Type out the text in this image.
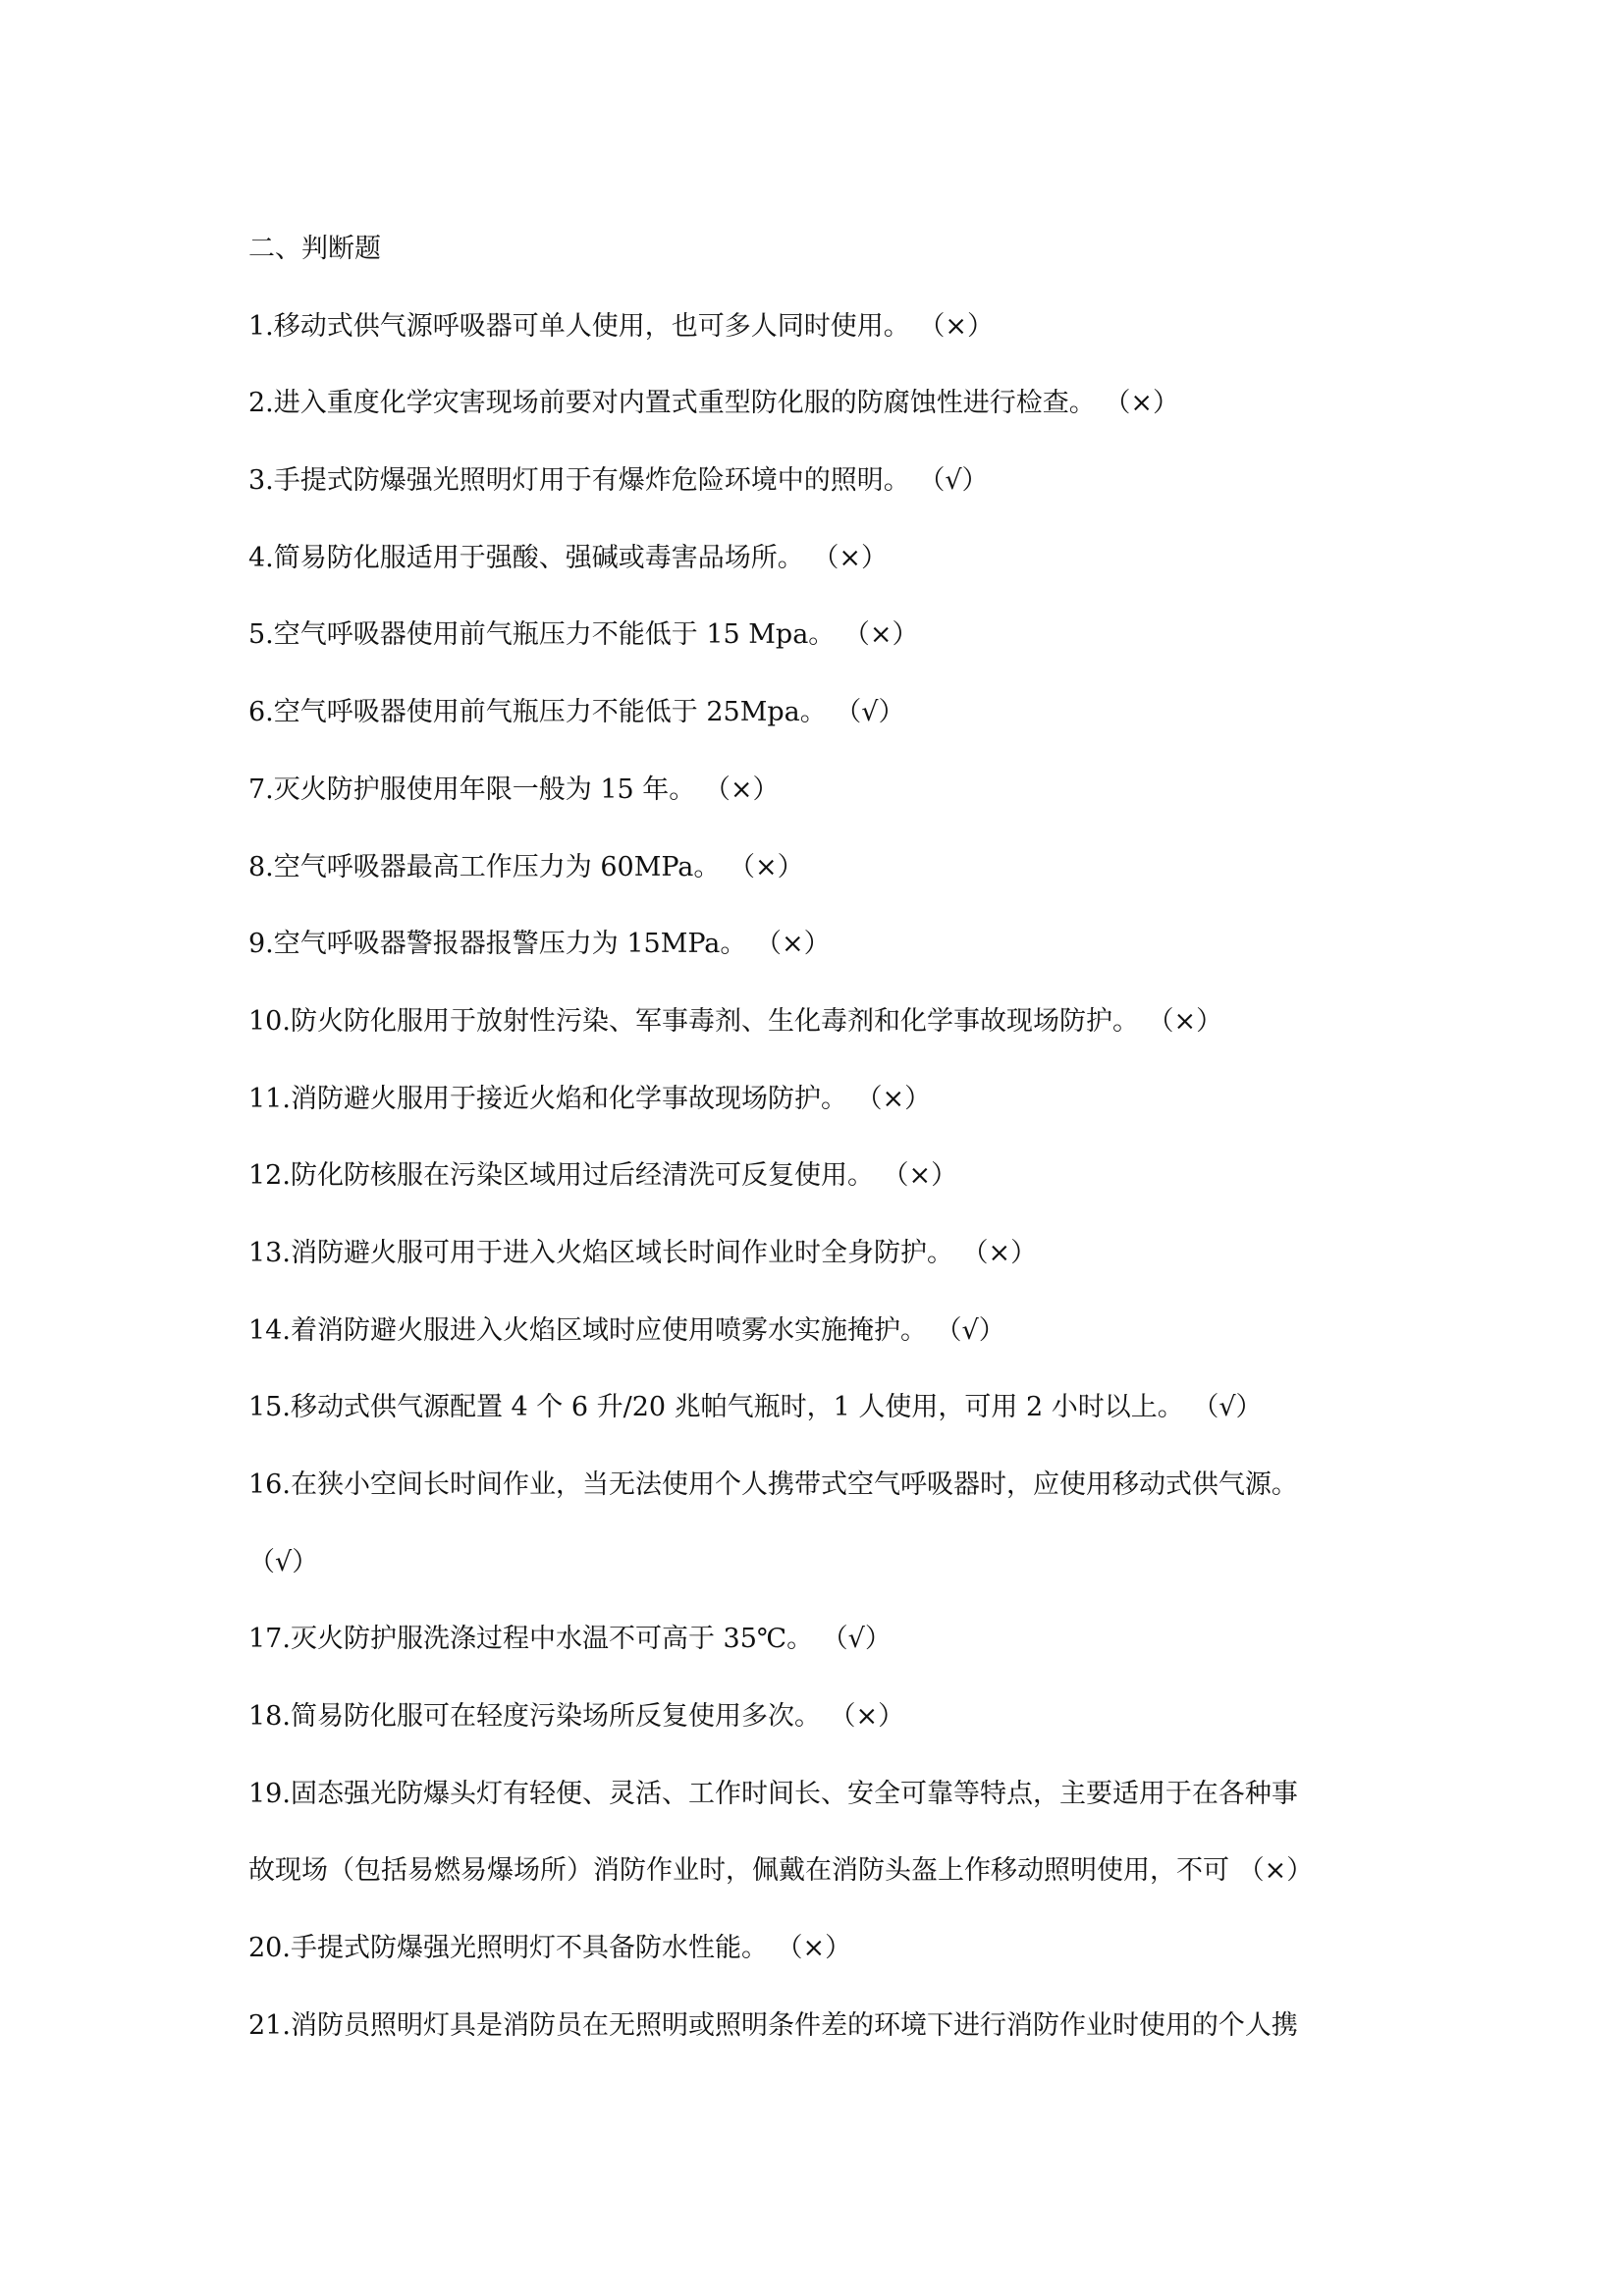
二、判断题
1.移动式供气源呼吸器可单人使用，也可多人同时使用。 （×）
2.进入重度化学灾害现场前要对内置式重型防化服的防腐蚀性进行检查。 （×）
3.手提式防爆强光照明灯用于有爆炸危险环境中的照明。 （√）
4.简易防化服适用于强酸、强碱或毒害品场所。 （×）
5.空气呼吸器使用前气瓶压力不能低于 15 Mpa。 （×）
6.空气呼吸器使用前气瓶压力不能低于 25Mpa。 （√）
7.灭火防护服使用年限一般为 15 年。 （×）
8.空气呼吸器最高工作压力为 60MPa。 （×）
9.空气呼吸器警报器报警压力为 15MPa。 （×）
10.防火防化服用于放射性污染、军事毒剂、生化毒剂和化学事故现场防护。 （×）
11.消防避火服用于接近火焰和化学事故现场防护。 （×）
12.防化防核服在污染区域用过后经清洗可反复使用。 （×）
13.消防避火服可用于进入火焰区域长时间作业时全身防护。 （×）
14.着消防避火服进入火焰区域时应使用喷雾水实施掩护。 （√）
15.移动式供气源配置 4 个 6 升/20 兆帕气瓶时，1 人使用，可用 2 小时以上。 （√）
16.在狭小空间长时间作业，当无法使用个人携带式空气呼吸器时，应使用移动式供气源。
（√）
17.灭火防护服洗涤过程中水温不可高于 35℃。 （√）
18.简易防化服可在轻度污染场所反复使用多次。 （×）
19.固态强光防爆头灯有轻便、灵活、工作时间长、安全可靠等特点，主要适用于在各种事
故现场（包括易燃易爆场所）消防作业时，佩戴在消防头盔上作移动照明使用，不可 （×）
20.手提式防爆强光照明灯不具备防水性能。 （×）
21.消防员照明灯具是消防员在无照明或照明条件差的环境下进行消防作业时使用的个人携
